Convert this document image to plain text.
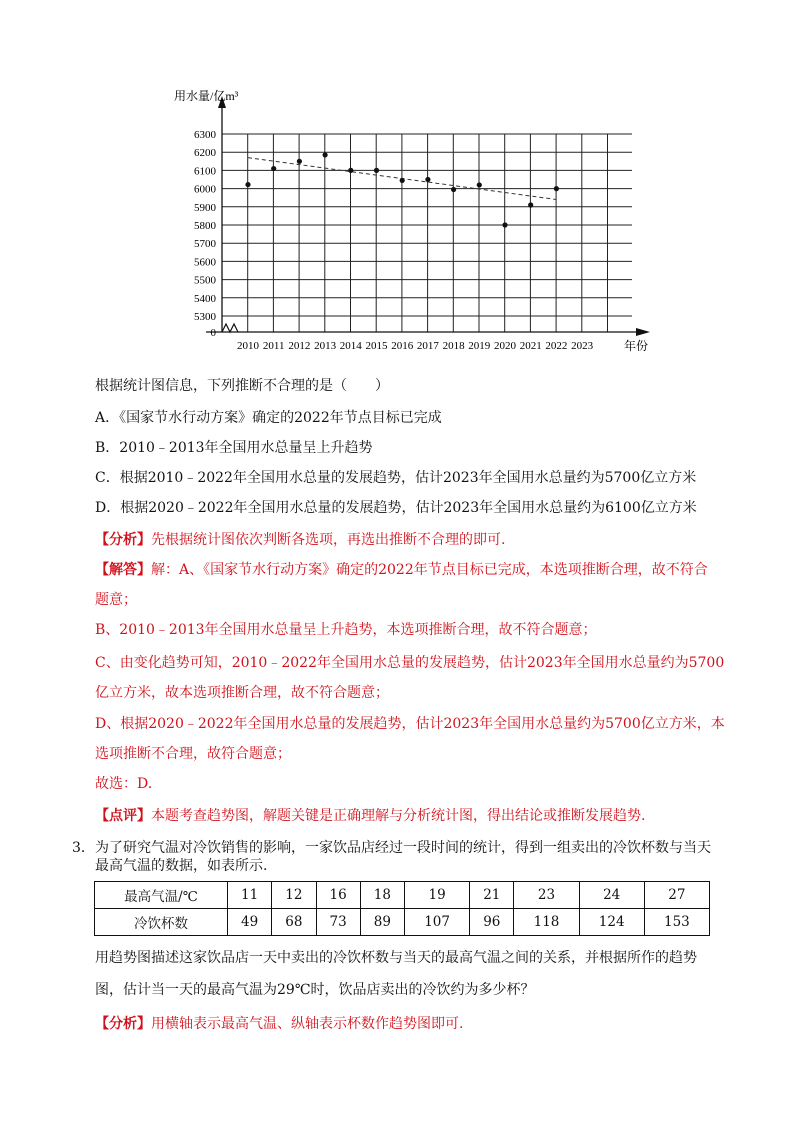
0
5300
5400
5500
5600
5700
5800
5900
6000
6100
6200
6300
2010 2011 2012 2013 2014 2015 2016 2017 2018 2019 2020 2021 2022 2023
用水量/亿m³
年份
根据统计图信息，下列推断不合理的是（　　）
A．《国家节水行动方案》确定的2022年节点目标已完成
B．2010﹣2013年全国用水总量呈上升趋势
C．根据2010﹣2022年全国用水总量的发展趋势，估计2023年全国用水总量约为5700亿立方米
D．根据2020﹣2022年全国用水总量的发展趋势，估计2023年全国用水总量约为6100亿立方米
【分析】先根据统计图依次判断各选项，再选出推断不合理的即可.
【解答】解：A、《国家节水行动方案》确定的2022年节点目标已完成，本选项推断合理，故不符合
题意；
B、2010﹣2013年全国用水总量呈上升趋势，本选项推断合理，故不符合题意；
C、由变化趋势可知，2010﹣2022年全国用水总量的发展趋势，估计2023年全国用水总量约为5700
亿立方米，故本选项推断合理，故不符合题意；
D、根据2020﹣2022年全国用水总量的发展趋势，估计2023年全国用水总量约为5700亿立方米，本
选项推断不合理，故符合题意；
故选：D.
【点评】本题考查趋势图，解题关键是正确理解与分析统计图，得出结论或推断发展趋势.
3． 为了研究气温对冷饮销售的影响，一家饮品店经过一段时间的统计，得到一组卖出的冷饮杯数与当天
最高气温的数据，如表所示.
最高气温/℃	11	12	16	18	19	21	23	24	27
冷饮杯数	49	68	73	89	107	96	118	124	153
用趋势图描述这家饮品店一天中卖出的冷饮杯数与当天的最高气温之间的关系，并根据所作的趋势
图，估计当一天的最高气温为29℃时，饮品店卖出的冷饮约为多少杯？
【分析】用横轴表示最高气温、纵轴表示杯数作趋势图即可.
